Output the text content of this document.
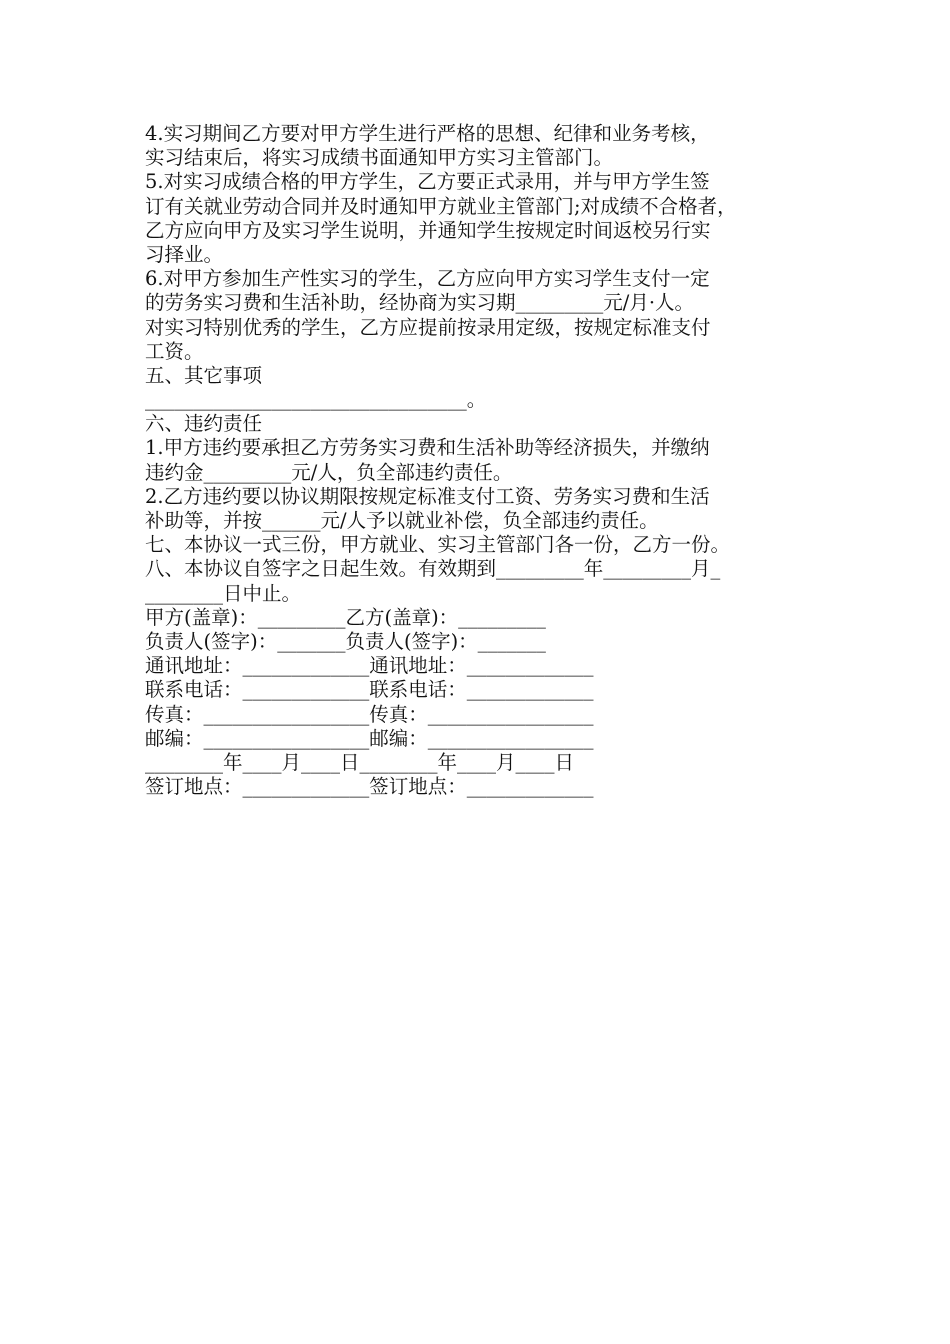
4.实习期间乙方要对甲方学生进行严格的思想、纪律和业务考核，
实习结束后，将实习成绩书面通知甲方实习主管部门。
5.对实习成绩合格的甲方学生，乙方要正式录用，并与甲方学生签
订有关就业劳动合同并及时通知甲方就业主管部门;对成绩不合格者，
乙方应向甲方及实习学生说明，并通知学生按规定时间返校另行实
习择业。
6.对甲方参加生产性实习的学生，乙方应向甲方实习学生支付一定
的劳务实习费和生活补助，经协商为实习期_________元/月·人。
对实习特别优秀的学生，乙方应提前按录用定级，按规定标准支付
工资。
五、其它事项
_________________________________。
六、违约责任
1.甲方违约要承担乙方劳务实习费和生活补助等经济损失，并缴纳
违约金_________元/人，负全部违约责任。
2.乙方违约要以协议期限按规定标准支付工资、劳务实习费和生活
补助等，并按______元/人予以就业补偿，负全部违约责任。
七、本协议一式三份，甲方就业、实习主管部门各一份，乙方一份。
八、本协议自签字之日起生效。有效期到_________年_________月_
________日中止。
甲方(盖章)：_________乙方(盖章)：_________
负责人(签字)：_______负责人(签字)：_______
通讯地址：_____________通讯地址：_____________
联系电话：_____________联系电话：_____________
传真：_________________传真：_________________
邮编：_________________邮编：_________________
________年____月____日________年____月____日
签订地点：_____________签订地点：_____________
